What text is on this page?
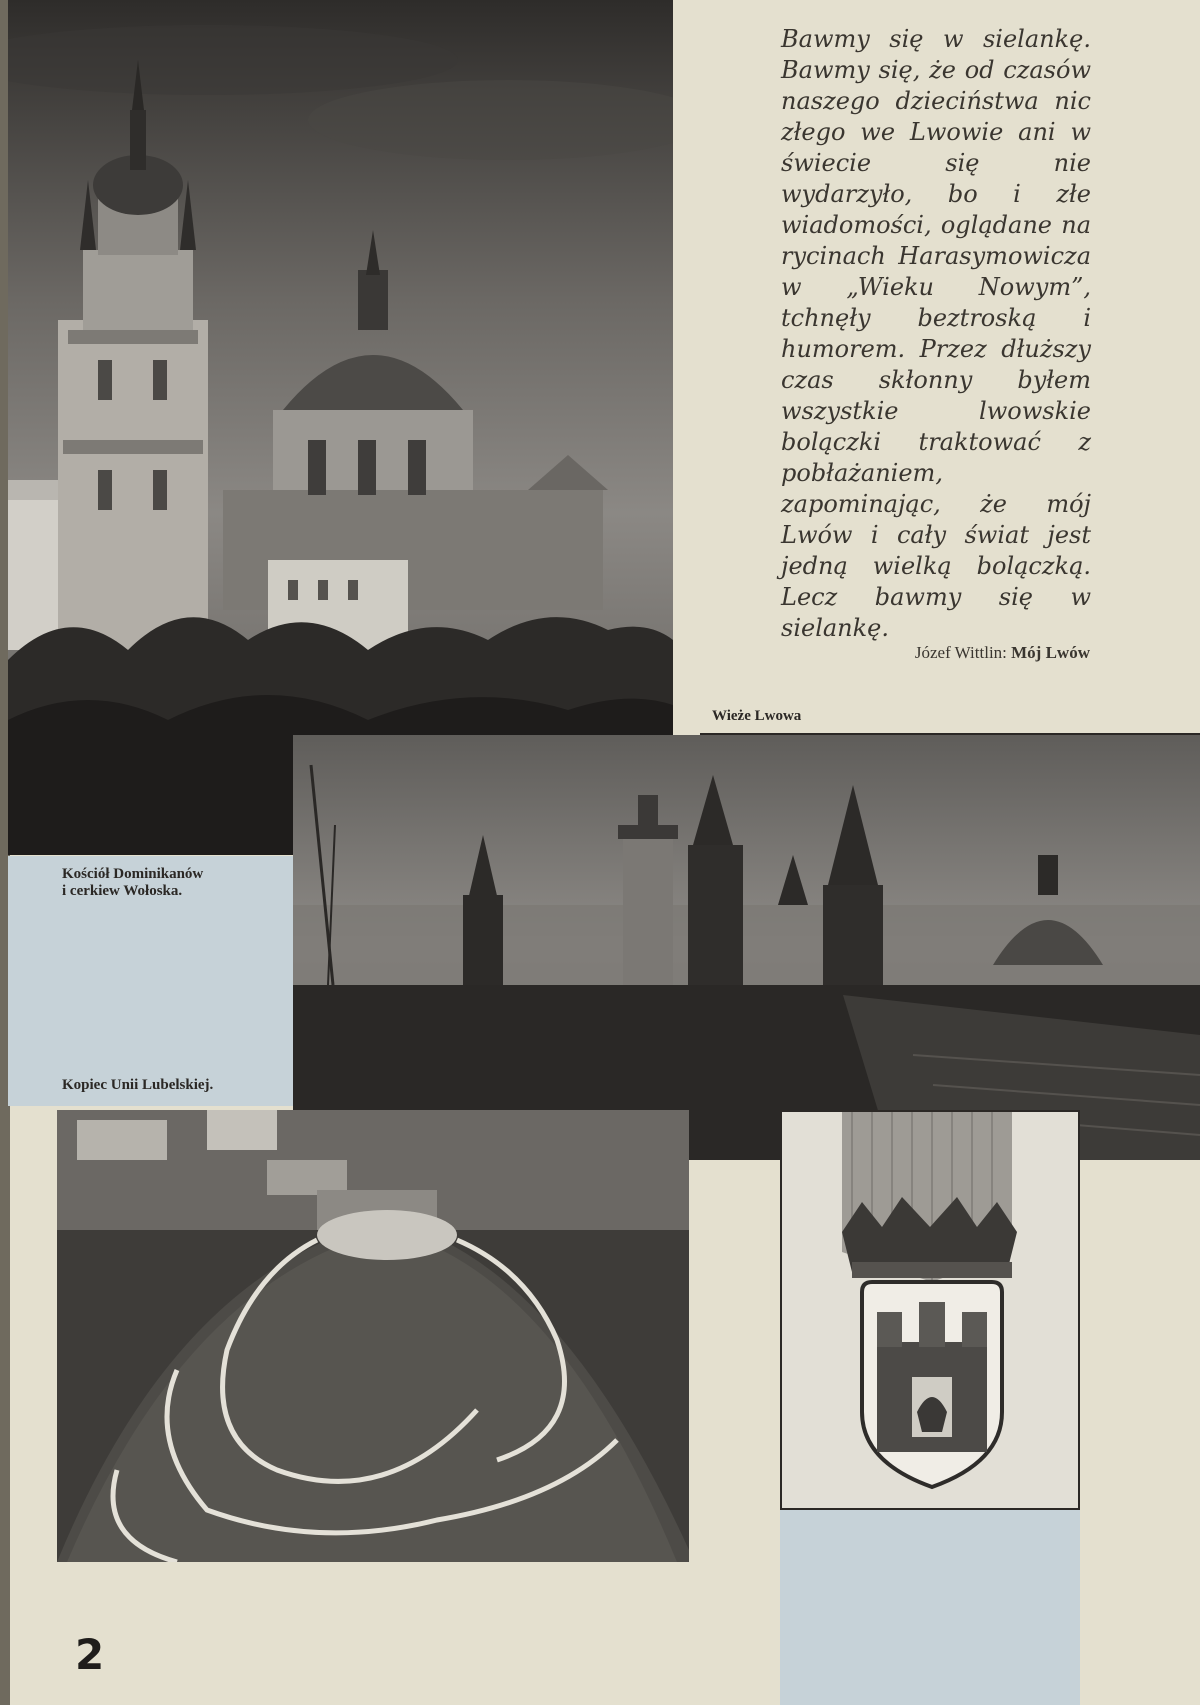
Bawmy się w sielankę. Bawmy się, że od czasów naszego dzieciństwa nic złego we Lwowie ani w świecie się nie wydarzyło, bo i złe wiadomości, oglądane na rycinach Harasymowicza w „Wieku Nowym”, tchnęły beztroską i humorem. Przez dłuższy czas skłonny byłem wszystkie lwowskie bolączki traktować z pobłażaniem, zapominając, że mój Lwów i cały świat jest jedną wielką bolączką. Lecz bawmy się w sielankę.
Józef Wittlin: Mój Lwów
Wieże Lwowa
Kościół Dominikanów
i cerkiew Wołoska.
Kopiec Unii Lubelskiej.
2
